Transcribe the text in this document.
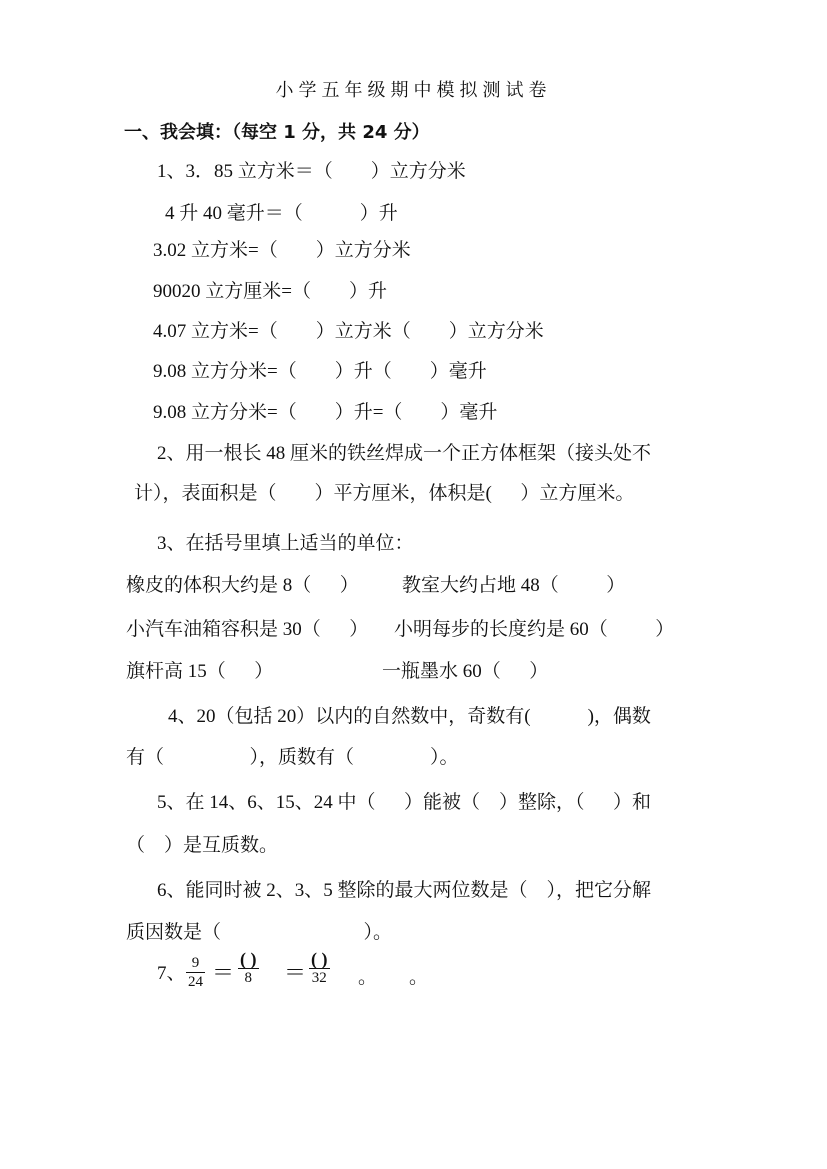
小学五年级期中模拟测试卷
一、我会填：（每空 1 分，共 24 分）
1、3．85 立方米＝（        ）立方分米
4 升 40 毫升＝（            ）升
3.02 立方米=（        ）立方分米
90020 立方厘米=（        ）升
4.07 立方米=（        ）立方米（        ）立方分米
9.08 立方分米=（        ）升（        ）毫升
9.08 立方分米=（        ）升=（        ）毫升
2、用一根长 48 厘米的铁丝焊成一个正方体框架（接头处不
计），表面积是（        ）平方厘米，体积是(      ）立方厘米。
3、在括号里填上适当的单位：
橡皮的体积大约是 8（      ） 教室大约占地 48（          ）
小汽车油箱容积是 30（      ） 小明每步的长度约是 60（          ）
旗杆高 15（      ）	一瓶墨水 60（      ）
4、20（包括 20）以内的自然数中，奇数有(            )，偶数
有（                  ），质数有（                ）。
5、在 14、6、15、24 中（      ）能被（    ）整除，（      ）和
（    ）是互质数。
6、能同时被 2、3、5 整除的最大两位数是（    ），把它分解
质因数是（                              ）。
7、 9
24 ＝
( )
8 ＝
( )
32 。 。
